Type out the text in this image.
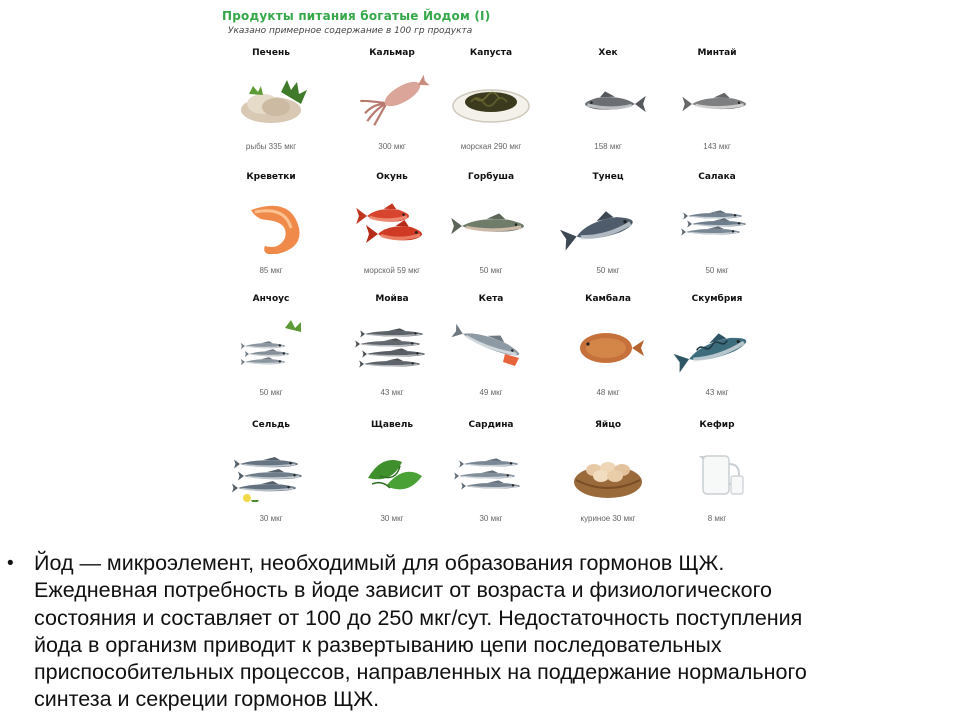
Продукты питания богатые Йодом (I)
Указано примерное содержание в 100 гр продукта
Печень
рыбы 335 мкг
Кальмар
300 мкг
Капуста
морская 290 мкг
Хек
158 мкг
Минтай
143 мкг
Креветки
85 мкг
Окунь
морской 59 мкг
Горбуша
50 мкг
Тунец
50 мкг
Салака
50 мкг
Анчоус
50 мкг
Мойва
43 мкг
Кета
49 мкг
Камбала
48 мкг
Скумбрия
43 мкг
Сельдь
30 мкг
Щавель
30 мкг
Сардина
30 мкг
Яйцо
куриное 30 мкг
Кефир
8 мкг
• Йод — микроэлемент, необходимый для образования гормонов ЩЖ.
Ежедневная потребность в йоде зависит от возраста и физиологического
состояния и составляет от 100 до 250 мкг/сут. Недостаточность поступления
йода в организм приводит к развертыванию цепи последовательных
приспособительных процессов, направленных на поддержание нормального
синтеза и секреции гормонов ЩЖ.
